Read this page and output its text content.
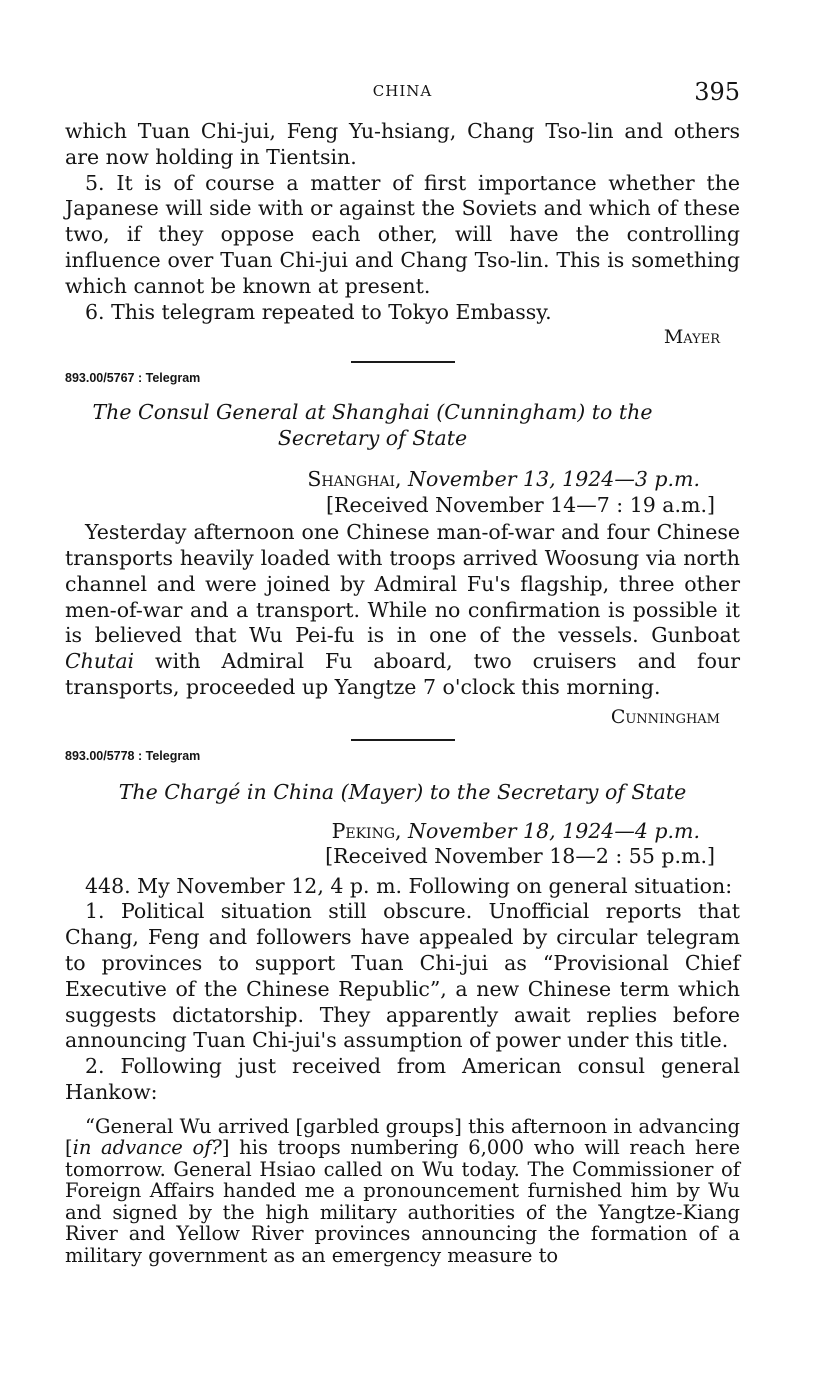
CHINA	395

which Tuan Chi-jui, Feng Yu-hsiang, Chang Tso-lin and others are now holding in Tientsin.

5. It is of course a matter of first importance whether the Japanese will side with or against the Soviets and which of these two, if they oppose each other, will have the controlling influence over Tuan Chi-jui and Chang Tso-lin. This is something which cannot be known at present.

6. This telegram repeated to Tokyo Embassy.

Mayer

893.00/5767 : Telegram

The Consul General at Shanghai (Cunningham) to the Secretary of State

Shanghai, November 13, 1924—3 p.m.

[Received November 14—7 : 19 a.m.]

Yesterday afternoon one Chinese man-of-war and four Chinese transports heavily loaded with troops arrived Woosung via north channel and were joined by Admiral Fu's flagship, three other men-of-war and a transport. While no confirmation is possible it is believed that Wu Pei-fu is in one of the vessels. Gunboat Chutai with Admiral Fu aboard, two cruisers and four transports, proceeded up Yangtze 7 o'clock this morning.

Cunningham

893.00/5778 : Telegram

The Chargé in China (Mayer) to the Secretary of State

Peking, November 18, 1924—4 p.m.

[Received November 18—2 : 55 p.m.]

448. My November 12, 4 p. m. Following on general situation:

1. Political situation still obscure. Unofficial reports that Chang, Feng and followers have appealed by circular telegram to provinces to support Tuan Chi-jui as “Provisional Chief Executive of the Chinese Republic”, a new Chinese term which suggests dictatorship. They apparently await replies before announcing Tuan Chi-jui's assumption of power under this title.

2. Following just received from American consul general Hankow:

“General Wu arrived [garbled groups] this afternoon in advancing [in advance of?] his troops numbering 6,000 who will reach here tomorrow. General Hsiao called on Wu today. The Commissioner of Foreign Affairs handed me a pronouncement furnished him by Wu and signed by the high military authorities of the Yangtze-Kiang River and Yellow River provinces announcing the formation of a military government as an emergency measure to
